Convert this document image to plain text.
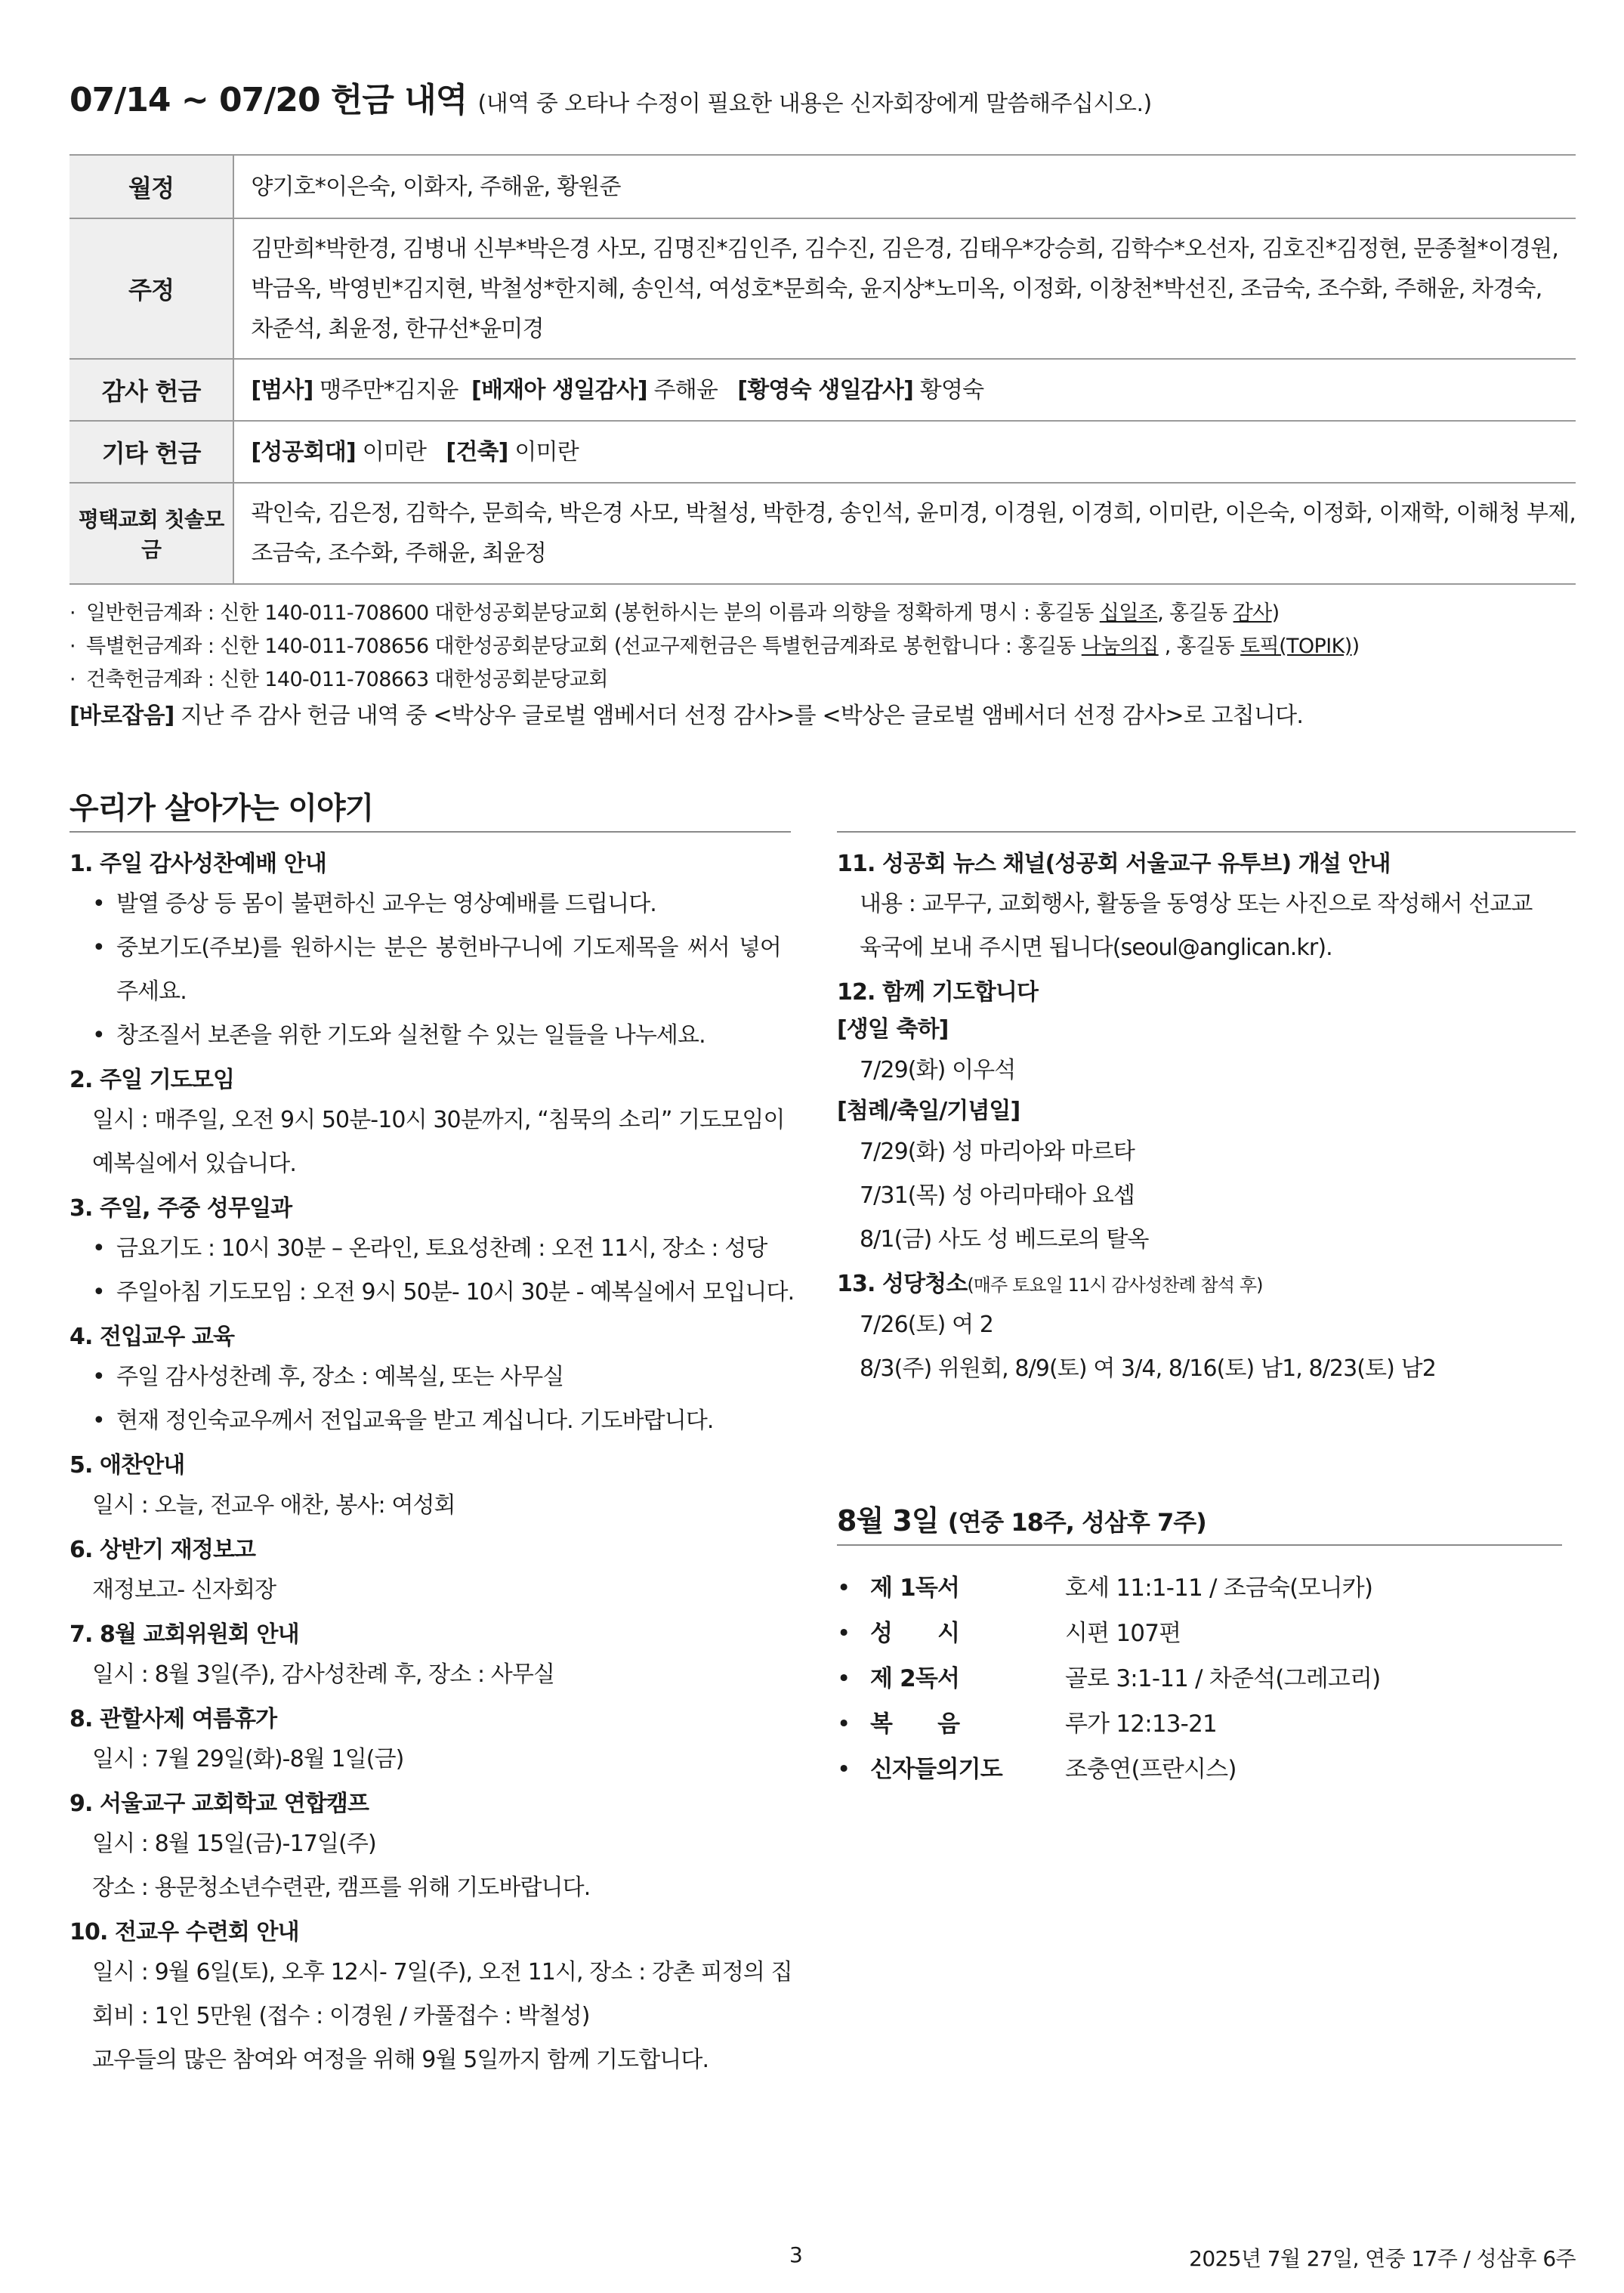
07/14 ~ 07/20 헌금 내역 (내역 중 오타나 수정이 필요한 내용은 신자회장에게 말씀해주십시오.)
월정	양기호*이은숙, 이화자, 주해윤, 황원준
주정	김만희*박한경, 김병내 신부*박은경 사모, 김명진*김인주, 김수진, 김은경, 김태우*강승희, 김학수*오선자, 김호진*김정현, 문종철*이경원,
박금옥, 박영빈*김지현, 박철성*한지혜, 송인석, 여성호*문희숙, 윤지상*노미옥, 이정화, 이창천*박선진, 조금숙, 조수화, 주해윤, 차경숙,
차준석, 최윤정, 한규선*윤미경

감사 헌금	[범사] 맹주만*김지윤 [배재아 생일감사] 주해윤 [황영숙 생일감사] 황영숙
기타 헌금	[성공회대] 이미란 [건축] 이미란
평택교회 칫솔모금	곽인숙, 김은정, 김학수, 문희숙, 박은경 사모, 박철성, 박한경, 송인석, 윤미경, 이경원, 이경희, 이미란, 이은숙, 이정화, 이재학, 이해청 부제,
조금숙, 조수화, 주해윤, 최윤정
· 일반헌금계좌 : 신한 140-011-708600 대한성공회분당교회 (봉헌하시는 분의 이름과 의향을 정확하게 명시 : 홍길동 십일조, 홍길동 감사)
· 특별헌금계좌 : 신한 140-011-708656 대한성공회분당교회 (선교구제헌금은 특별헌금계좌로 봉헌합니다 : 홍길동 나눔의집 , 홍길동 토픽(TOPIK))
· 건축헌금계좌 : 신한 140-011-708663 대한성공회분당교회
[바로잡음] 지난 주 감사 헌금 내역 중 <박상우 글로벌 앰베서더 선정 감사>를 <박상은 글로벌 앰베서더 선정 감사>로 고칩니다.
우리가 살아가는 이야기
1. 주일 감사성찬예배 안내
• 발열 증상 등 몸이 불편하신 교우는 영상예배를 드립니다.
• 중보기도(주보)를 원하시는 분은 봉헌바구니에 기도제목을 써서 넣어 주세요.
• 창조질서 보존을 위한 기도와 실천할 수 있는 일들을 나누세요.
2. 주일 기도모임
일시 : 매주일, 오전 9시 50분-10시 30분까지, “침묵의 소리” 기도모임이
예복실에서 있습니다.
3. 주일, 주중 성무일과
• 금요기도 : 10시 30분 – 온라인, 토요성찬례 : 오전 11시, 장소 : 성당
• 주일아침 기도모임 : 오전 9시 50분- 10시 30분 - 예복실에서 모입니다.
4. 전입교우 교육
• 주일 감사성찬례 후, 장소 : 예복실, 또는 사무실
• 현재 정인숙교우께서 전입교육을 받고 계십니다. 기도바랍니다.
5. 애찬안내
일시 : 오늘, 전교우 애찬, 봉사: 여성회
6. 상반기 재정보고
재정보고- 신자회장
7. 8월 교회위원회 안내
일시 : 8월 3일(주), 감사성찬례 후, 장소 : 사무실
8. 관할사제 여름휴가
일시 : 7월 29일(화)-8월 1일(금)
9. 서울교구 교회학교 연합캠프
일시 : 8월 15일(금)-17일(주)
장소 : 용문청소년수련관, 캠프를 위해 기도바랍니다.
10. 전교우 수련회 안내
일시 : 9월 6일(토), 오후 12시- 7일(주), 오전 11시, 장소 : 강촌 피정의 집
회비 : 1인 5만원 (접수 : 이경원 / 카풀접수 : 박철성)
교우들의 많은 참여와 여정을 위해 9월 5일까지 함께 기도합니다.
11. 성공회 뉴스 채널(성공회 서울교구 유투브) 개설 안내
내용 : 교무구, 교회행사, 활동을 동영상 또는 사진으로 작성해서 선교교
육국에 보내 주시면 됩니다(seoul@anglican.kr).
12. 함께 기도합니다
[생일 축하]
7/29(화) 이우석
[첨례/축일/기념일]
7/29(화) 성 마리아와 마르타
7/31(목) 성 아리마태아 요셉
8/1(금) 사도 성 베드로의 탈옥
13. 성당청소(매주 토요일 11시 감사성찬례 참석 후)
7/26(토) 여 2
8/3(주) 위원회, 8/9(토) 여 3/4, 8/16(토) 남1, 8/23(토) 남2
8월 3일 (연중 18주, 성삼후 7주)
• 제 1독서	호세 11:1-11 / 조금숙(모니카)
• 성      시	시편 107편
• 제 2독서	골로 3:1-11 / 차준석(그레고리)
• 복      음	루가 12:13-21
• 신자들의기도	조충연(프란시스)
3	2025년 7월 27일, 연중 17주 / 성삼후 6주
